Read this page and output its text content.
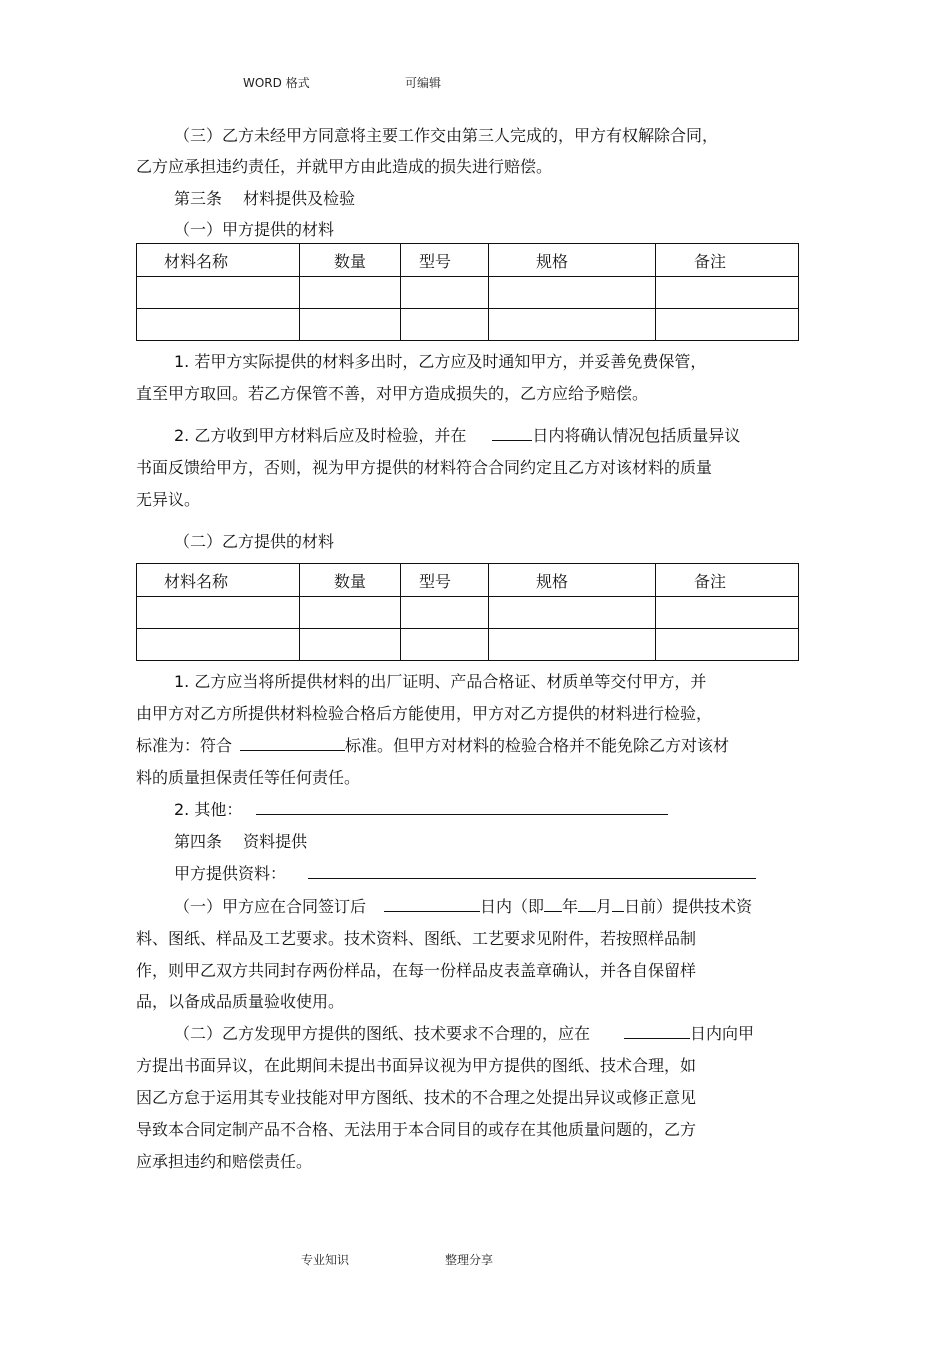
WORD 格式	可编辑
（三）乙方未经甲方同意将主要工作交由第三人完成的，甲方有权解除合同，
乙方应承担违约责任，并就甲方由此造成的损失进行赔偿。
第三条　 材料提供及检验
（一）甲方提供的材料
材料名称	数量	型号	规格	备注

1. 若甲方实际提供的材料多出时，乙方应及时通知甲方，并妥善免费保管，
直至甲方取回。若乙方保管不善，对甲方造成损失的，乙方应给予赔偿。
2. 乙方收到甲方材料后应及时检验，并在	日内将确认情况包括质量异议
书面反馈给甲方，否则，视为甲方提供的材料符合合同约定且乙方对该材料的质量
无异议。
（二）乙方提供的材料
材料名称	数量	型号	规格	备注

1. 乙方应当将所提供材料的出厂证明、产品合格证、材质单等交付甲方，并
由甲方对乙方所提供材料检验合格后方能使用，甲方对乙方提供的材料进行检验，
标准为：符合	标准。但甲方对材料的检验合格并不能免除乙方对该材
料的质量担保责任等任何责任。
2. 其他：
第四条　 资料提供
甲方提供资料：
（一）甲方应在合同签订后	日内（即 年 月 日前）提供技术资
料、图纸、样品及工艺要求。技术资料、图纸、工艺要求见附件，若按照样品制
作，则甲乙双方共同封存两份样品，在每一份样品皮表盖章确认，并各自保留样
品，以备成品质量验收使用。
（二）乙方发现甲方提供的图纸、技术要求不合理的，应在	日内向甲
方提出书面异议，在此期间未提出书面异议视为甲方提供的图纸、技术合理，如
因乙方怠于运用其专业技能对甲方图纸、技术的不合理之处提出异议或修正意见
导致本合同定制产品不合格、无法用于本合同目的或存在其他质量问题的，乙方
应承担违约和赔偿责任。
专业知识	整理分享
